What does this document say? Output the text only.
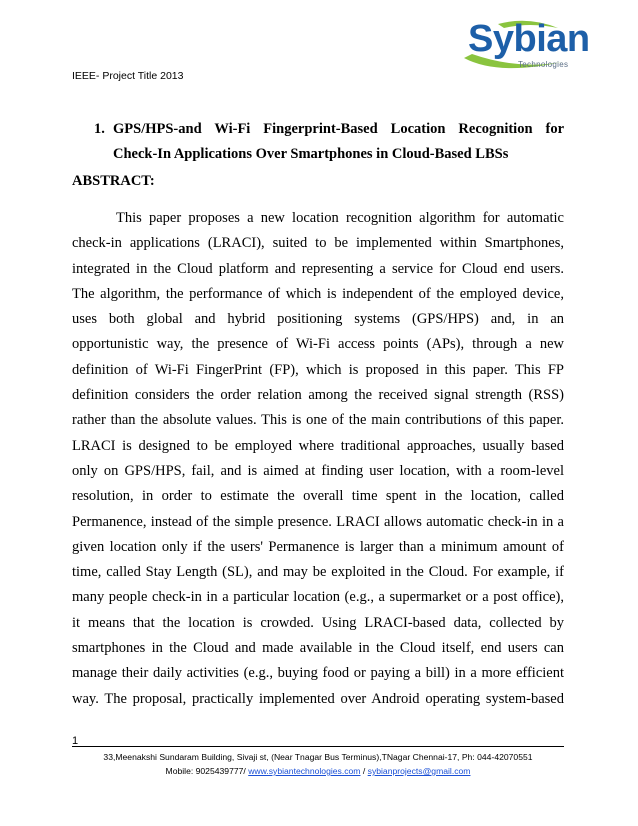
IEEE- Project Title 2013
Sybian
Technologies
1. GPS/HPS-and Wi-Fi Fingerprint-Based Location Recognition for
Check-In Applications Over Smartphones in Cloud-Based LBSs
ABSTRACT:
This paper proposes a new location recognition algorithm for automatic
check-in applications (LRACI), suited to be implemented within Smartphones,
integrated in the Cloud platform and representing a service for Cloud end users.
The algorithm, the performance of which is independent of the employed device,
uses both global and hybrid positioning systems (GPS/HPS) and, in an
opportunistic way, the presence of Wi-Fi access points (APs), through a new
definition of Wi-Fi FingerPrint (FP), which is proposed in this paper. This FP
definition considers the order relation among the received signal strength (RSS)
rather than the absolute values. This is one of the main contributions of this paper.
LRACI is designed to be employed where traditional approaches, usually based
only on GPS/HPS, fail, and is aimed at finding user location, with a room-level
resolution, in order to estimate the overall time spent in the location, called
Permanence, instead of the simple presence. LRACI allows automatic check-in in a
given location only if the users' Permanence is larger than a minimum amount of
time, called Stay Length (SL), and may be exploited in the Cloud. For example, if
many people check-in in a particular location (e.g., a supermarket or a post office),
it means that the location is crowded. Using LRACI-based data, collected by
smartphones in the Cloud and made available in the Cloud itself, end users can
manage their daily activities (e.g., buying food or paying a bill) in a more efficient
way. The proposal, practically implemented over Android operating system-based
1
33,Meenakshi Sundaram Building, Sivaji st, (Near Tnagar Bus Terminus),TNagar Chennai-17, Ph: 044-42070551
Mobile: 9025439777/ www.sybiantechnologies.com / sybianprojects@gmail.com
